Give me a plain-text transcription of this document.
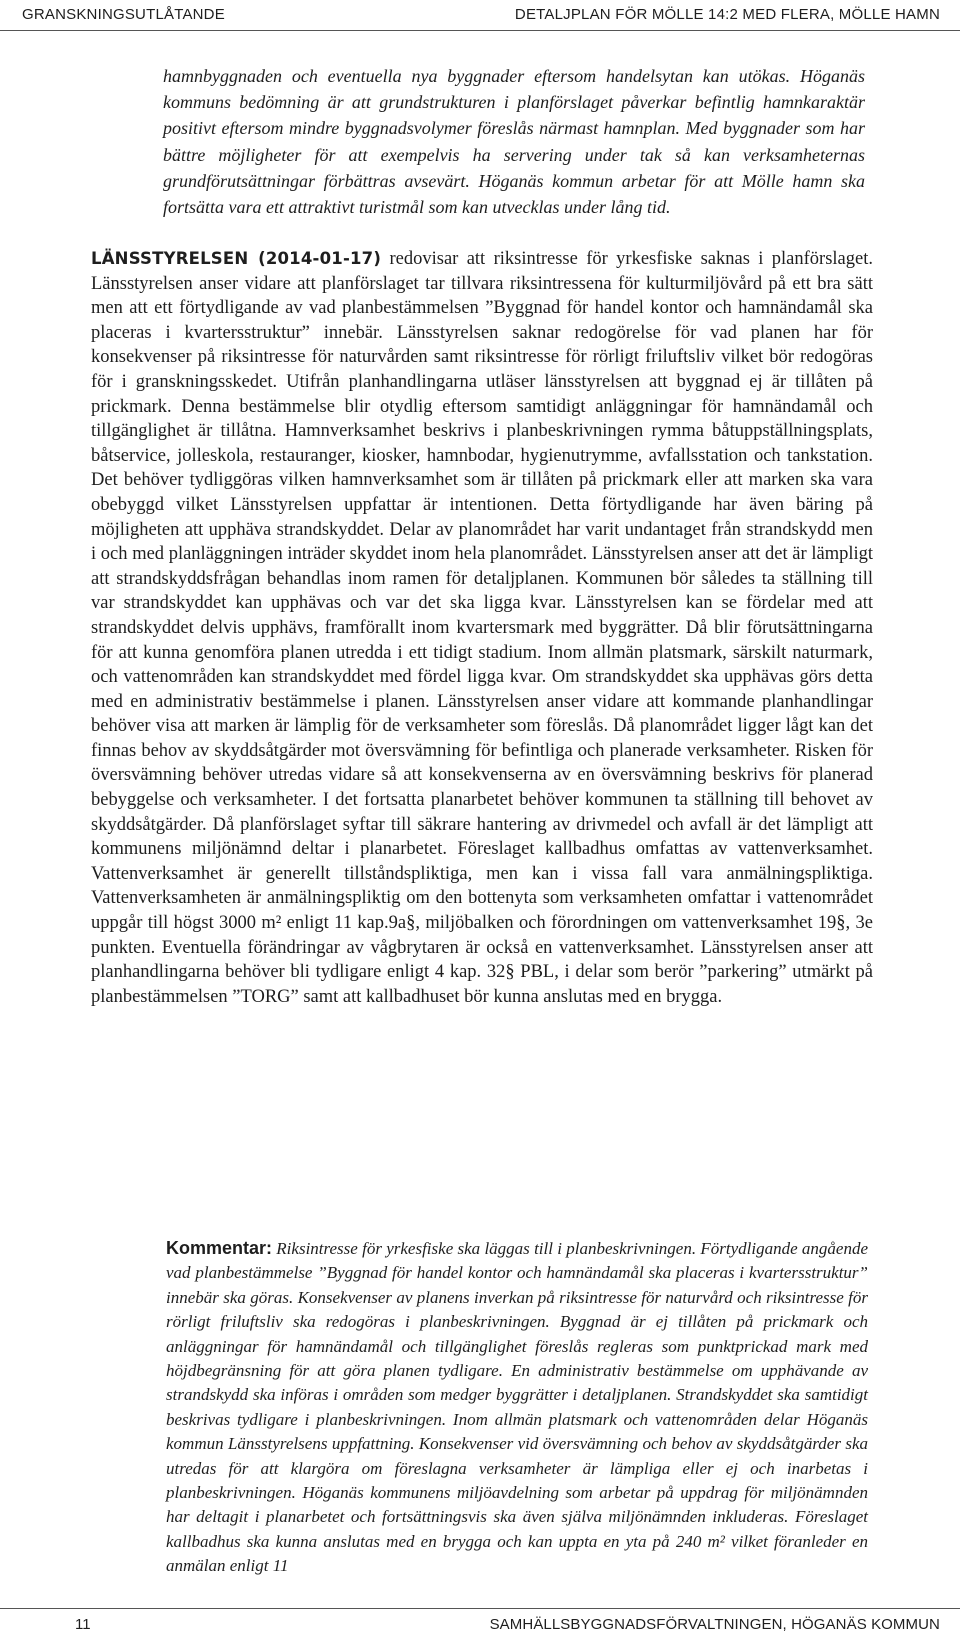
GRANSKNINGSUTLÅTANDE	DETALJPLAN FÖR MÖLLE 14:2 MED FLERA, MÖLLE HAMN

hamnbyggnaden och eventuella nya byggnader eftersom handelsytan kan utökas. Höganäs kommuns bedömning är att grundstrukturen i planförslaget påverkar befintlig hamnkaraktär positivt eftersom mindre byggnadsvolymer föreslås närmast hamnplan. Med byggnader som har bättre möjligheter för att exempelvis ha servering under tak så kan verksamheternas grundförutsättningar förbättras avsevärt. Höganäs kommun arbetar för att Mölle hamn ska fortsätta vara ett attraktivt turistmål som kan utvecklas under lång tid.

LÄNSSTYRELSEN (2014-01-17) redovisar att riksintresse för yrkesfiske saknas i planförslaget. Länsstyrelsen anser vidare att planförslaget tar tillvara riksintressena för kulturmiljövård på ett bra sätt men att ett förtydligande av vad planbestämmelsen ”Byggnad för handel kontor och hamnändamål ska placeras i kvartersstruktur” innebär. Länsstyrelsen saknar redogörelse för vad planen har för konsekvenser på riksintresse för naturvården samt riksintresse för rörligt friluftsliv vilket bör redogöras för i granskningsskedet. Utifrån planhandlingarna utläser länsstyrelsen att byggnad ej är tillåten på prickmark. Denna bestämmelse blir otydlig eftersom samtidigt anläggningar för hamnändamål och tillgänglighet är tillåtna. Hamnverksamhet beskrivs i planbeskrivningen rymma båtuppställningsplats, båtservice, jolleskola, restauranger, kiosker, hamnbodar, hygienutrymme, avfallsstation och tankstation. Det behöver tydliggöras vilken hamnverksamhet som är tillåten på prickmark eller att marken ska vara obebyggd vilket Länsstyrelsen uppfattar är intentionen. Detta förtydligande har även bäring på möjligheten att upphäva strandskyddet. Delar av planområdet har varit undantaget från strandskydd men i och med planläggningen inträder skyddet inom hela planområdet. Länsstyrelsen anser att det är lämpligt att strandskyddsfrågan behandlas inom ramen för detaljplanen. Kommunen bör således ta ställning till var strandskyddet kan upphävas och var det ska ligga kvar. Länsstyrelsen kan se fördelar med att strandskyddet delvis upphävs, framförallt inom kvartersmark med byggrätter. Då blir förutsättningarna för att kunna genomföra planen utredda i ett tidigt stadium. Inom allmän platsmark, särskilt naturmark, och vattenområden kan strandskyddet med fördel ligga kvar. Om strandskyddet ska upphävas görs detta med en administrativ bestämmelse i planen. Länsstyrelsen anser vidare att kommande planhandlingar behöver visa att marken är lämplig för de verksamheter som föreslås. Då planområdet ligger lågt kan det finnas behov av skyddsåtgärder mot översvämning för befintliga och planerade verksamheter. Risken för översvämning behöver utredas vidare så att konsekvenserna av en översvämning beskrivs för planerad bebyggelse och verksamheter. I det fortsatta planarbetet behöver kommunen ta ställning till behovet av skyddsåtgärder. Då planförslaget syftar till säkrare hantering av drivmedel och avfall är det lämpligt att kommunens miljönämnd deltar i planarbetet. Föreslaget kallbadhus omfattas av vattenverksamhet. Vattenverksamhet är generellt tillståndspliktiga, men kan i vissa fall vara anmälningspliktiga. Vattenverksamheten är anmälningspliktig om den bottenyta som verksamheten omfattar i vattenområdet uppgår till högst 3000 m² enligt 11 kap.9a§, miljöbalken och förordningen om vattenverksamhet 19§, 3e punkten. Eventuella förändringar av vågbrytaren är också en vattenverksamhet. Länsstyrelsen anser att planhandlingarna behöver bli tydligare enligt 4 kap. 32§ PBL, i delar som berör ”parkering” utmärkt på planbestämmelsen ”TORG” samt att kallbadhuset bör kunna anslutas med en brygga.

Kommentar: Riksintresse för yrkesfiske ska läggas till i planbeskrivningen. Förtydligande angående vad planbestämmelse ”Byggnad för handel kontor och hamnändamål ska placeras i kvartersstruktur” innebär ska göras. Konsekvenser av planens inverkan på riksintresse för naturvård och riksintresse för rörligt friluftsliv ska redogöras i planbeskrivningen. Byggnad är ej tillåten på prickmark och anläggningar för hamnändamål och tillgänglighet föreslås regleras som punktprickad mark med höjdbegränsning för att göra planen tydligare. En administrativ bestämmelse om upphävande av strandskydd ska införas i områden som medger byggrätter i detaljplanen. Strandskyddet ska samtidigt beskrivas tydligare i planbeskrivningen. Inom allmän platsmark och vattenområden delar Höganäs kommun Länsstyrelsens uppfattning. Konsekvenser vid översvämning och behov av skyddsåtgärder ska utredas för att klargöra om föreslagna verksamheter är lämpliga eller ej och inarbetas i planbeskrivningen. Höganäs kommunens miljöavdelning som arbetar på uppdrag för miljönämnden har deltagit i planarbetet och fortsättningsvis ska även själva miljönämnden inkluderas. Föreslaget kallbadhus ska kunna anslutas med en brygga och kan uppta en yta på 240 m² vilket föranleder en anmälan enligt 11

11	SAMHÄLLSBYGGNADSFÖRVALTNINGEN, HÖGANÄS KOMMUN
